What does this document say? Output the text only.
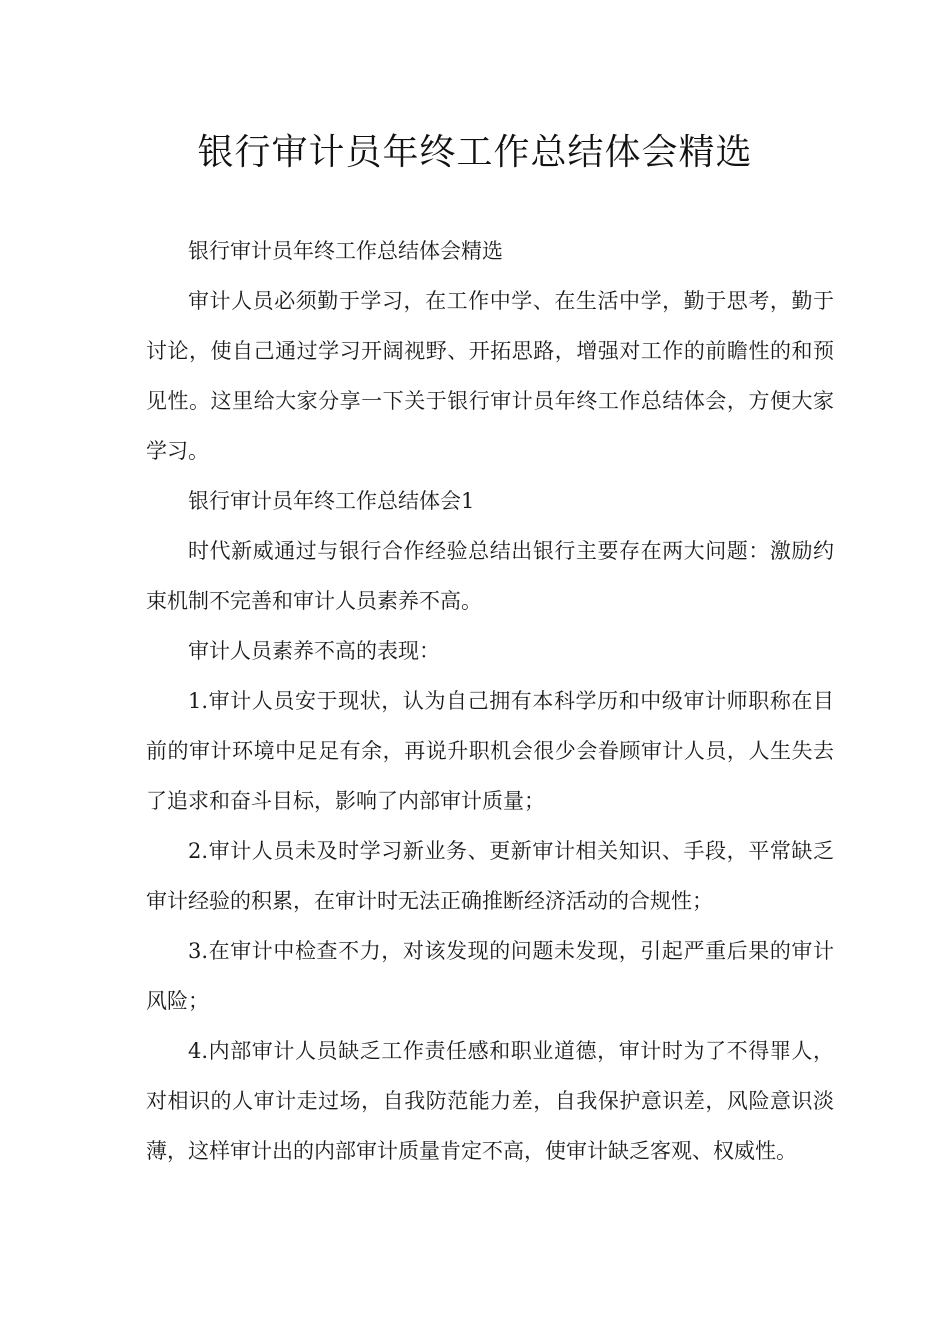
银行审计员年终工作总结体会精选

银行审计员年终工作总结体会精选

审计人员必须勤于学习，在工作中学、在生活中学，勤于思考，勤于讨论，使自己通过学习开阔视野、开拓思路，增强对工作的前瞻性的和预见性。这里给大家分享一下关于银行审计员年终工作总结体会，方便大家学习。

银行审计员年终工作总结体会1

时代新威通过与银行合作经验总结出银行主要存在两大问题：激励约束机制不完善和审计人员素养不高。

审计人员素养不高的表现：

1.审计人员安于现状，认为自己拥有本科学历和中级审计师职称在目前的审计环境中足足有余，再说升职机会很少会眷顾审计人员，人生失去了追求和奋斗目标，影响了内部审计质量；

2.审计人员未及时学习新业务、更新审计相关知识、手段，平常缺乏审计经验的积累，在审计时无法正确推断经济活动的合规性；

3.在审计中检查不力，对该发现的问题未发现，引起严重后果的审计风险；

4.内部审计人员缺乏工作责任感和职业道德，审计时为了不得罪人，对相识的人审计走过场，自我防范能力差，自我保护意识差，风险意识淡薄，这样审计出的内部审计质量肯定不高，使审计缺乏客观、权威性。
